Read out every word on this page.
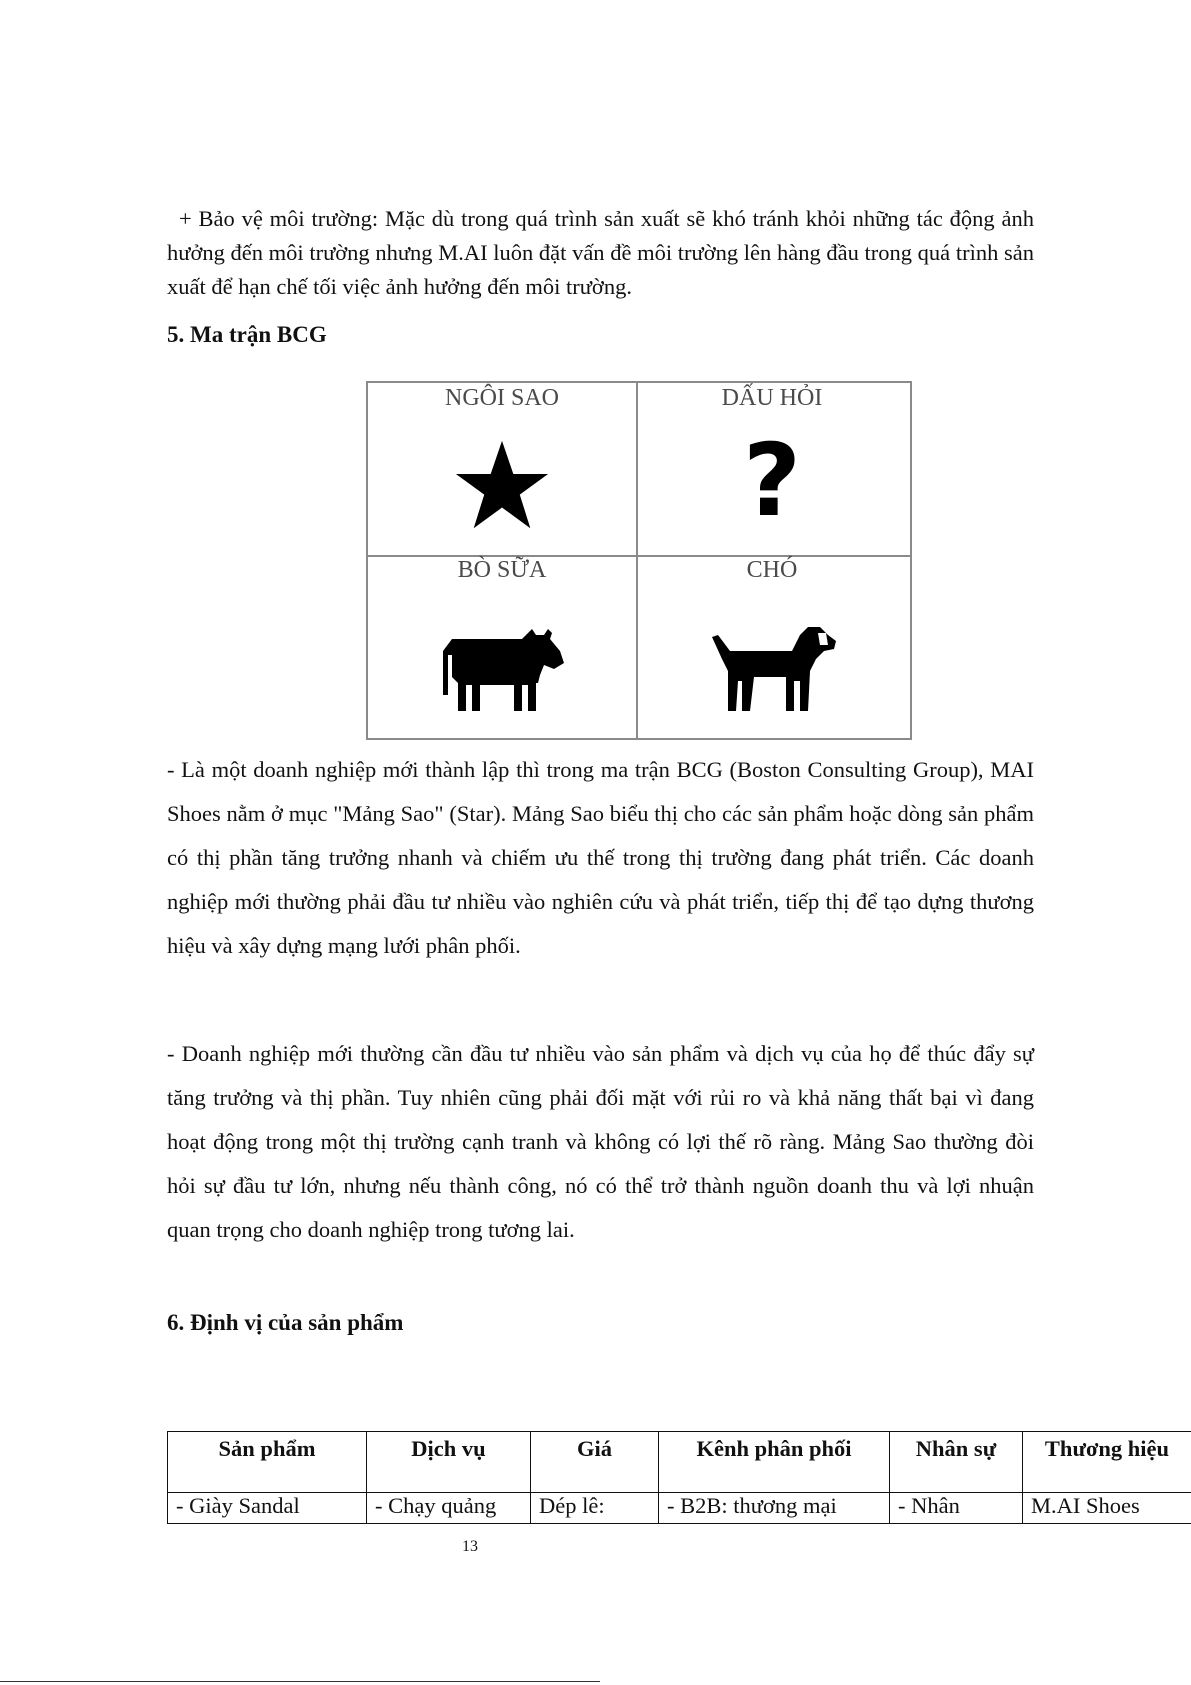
+ Bảo vệ môi trường: Mặc dù trong quá trình sản xuất sẽ khó tránh khỏi những tác động ảnh hưởng đến môi trường nhưng M.AI luôn đặt vấn đề môi trường lên hàng đầu trong quá trình sản xuất để hạn chế tối việc ảnh hưởng đến môi trường.

5. Ma trận BCG
NGÔI SAO	DẤU HỎI
?
BÒ SỮA	CHÓ

- Là một doanh nghiệp mới thành lập thì trong ma trận BCG (Boston Consulting Group), MAI Shoes nằm ở mục "Mảng Sao" (Star). Mảng Sao biểu thị cho các sản phẩm hoặc dòng sản phẩm có thị phần tăng trưởng nhanh và chiếm ưu thế trong thị trường đang phát triển. Các doanh nghiệp mới thường phải đầu tư nhiều vào nghiên cứu và phát triển, tiếp thị để tạo dựng thương hiệu và xây dựng mạng lưới phân phối.

- Doanh nghiệp mới thường cần đầu tư nhiều vào sản phẩm và dịch vụ của họ để thúc đẩy sự tăng trưởng và thị phần. Tuy nhiên cũng phải đối mặt với rủi ro và khả năng thất bại vì đang hoạt động trong một thị trường cạnh tranh và không có lợi thế rõ ràng. Mảng Sao thường đòi hỏi sự đầu tư lớn, nhưng nếu thành công, nó có thể trở thành nguồn doanh thu và lợi nhuận quan trọng cho doanh nghiệp trong tương lai.

6. Định vị của sản phẩm
Sản phẩm	Dịch vụ	Giá	Kênh phân phối	Nhân sự	Thương hiệu
- Giày Sandal	- Chạy quảng	Dép lê:	- B2B: thương mại	- Nhân	M.AI Shoes
13
